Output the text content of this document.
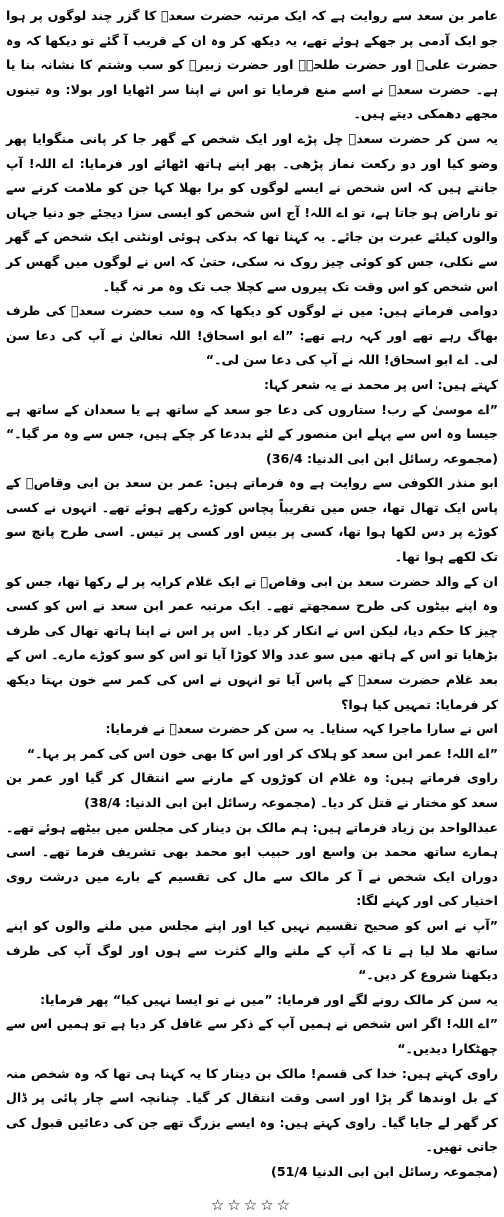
عامر بن سعد سے روایت ہے کہ ایک مرتبہ حضرت سعدؓ کا گزر چند لوگوں پر ہوا جو ایک آدمی پر جھکے ہوئے تھے، یہ دیکھ کر وہ ان کے قریب آ گئے تو دیکھا کہ وہ حضرت علیؓ اور حضرت طلحہؓ اور حضرت زبیرؓ کو سب وشتم کا نشانہ بنا یا ہے۔ حضرت سعدؓ نے اسے منع فرمایا تو اس نے اپنا سر اٹھایا اور بولا: وہ تینوں مجھے دھمکی دیتے ہیں۔

یہ سن کر حضرت سعدؓ چل پڑے اور ایک شخص کے گھر جا کر پانی منگوایا پھر وضو کیا اور دو رکعت نماز پڑھی۔ پھر اپنے ہاتھ اٹھائے اور فرمایا: اے اللہ! آپ جانتے ہیں کہ اس شخص نے ایسے لوگوں کو برا بھلا کہا جن کو ملامت کرنے سے تو ناراض ہو جاتا ہے، تو اے اللہ! آج اس شخص کو ایسی سزا دیجئے جو دنیا جہاں والوں کیلئے عبرت بن جائے۔ یہ کہنا تھا کہ بدکی ہوئی اونٹنی ایک شخص کے گھر سے نکلی، جس کو کوئی چیز روک نہ سکی، حتیٰ کہ اس نے لوگوں میں گھس کر اس شخص کو اس وقت تک پیروں سے کچلا جب تک وہ مر نہ گیا۔

دوامی فرماتے ہیں: میں نے لوگوں کو دیکھا کہ وہ سب حضرت سعدؓ کی طرف بھاگ رہے تھے اور کہہ رہے تھے: ”اے ابو اسحاق! اللہ تعالیٰ نے آپ کی دعا سن لی۔ اے ابو اسحاق! اللہ نے آپ کی دعا سن لی۔“

کہتے ہیں: اس پر محمد نے یہ شعر کہا:

”اے موسیٰ کے رب! ستاروں کی دعا جو سعد کے ساتھ ہے یا سعدان کے ساتھ ہے جیسا وہ اس سے پہلے ابن منصور کے لئے بددعا کر چکے ہیں، جس سے وہ مر گیا۔“ (مجموعہ رسائل ابن ابی الدنیا: 36/4)

ابو منذر الکوفی سے روایت ہے وہ فرماتے ہیں: عمر بن سعد بن ابی وقاصؓ کے پاس ایک تھال تھا، جس میں تقریباً پچاس کوڑے رکھے ہوئے تھے۔ انہوں نے کسی کوڑے پر دس لکھا ہوا تھا، کسی پر بیس اور کسی پر تیس۔ اسی طرح پانچ سو تک لکھے ہوا تھا۔

ان کے والد حضرت سعد بن ابی وقاصؓ نے ایک غلام کرایہ پر لے رکھا تھا، جس کو وہ اپنے بیٹوں کی طرح سمجھتے تھے۔ ایک مرتبہ عمر ابن سعد نے اس کو کسی چیز کا حکم دیا، لیکن اس نے انکار کر دیا۔ اس پر اس نے اپنا ہاتھ تھال کی طرف بڑھایا تو اس کے ہاتھ میں سو عدد والا کوڑا آیا تو اس کو سو کوڑے مارے۔ اس کے بعد غلام حضرت سعدؓ کے پاس آیا تو انہوں نے اس کی کمر سے خون بہتا دیکھ کر فرمایا: تمہیں کیا ہوا؟

اس نے سارا ماجرا کہہ سنایا۔ یہ سن کر حضرت سعدؓ نے فرمایا:

”اے اللہ! عمر ابن سعد کو ہلاک کر اور اس کا بھی خون اس کی کمر پر بہا۔“

راوی فرماتے ہیں: وہ غلام ان کوڑوں کے مارنے سے انتقال کر گیا اور عمر بن سعد کو مختار نے قتل کر دیا۔ (مجموعہ رسائل ابن ابی الدنیا: 38/4)

عبدالواحد بن زیاد فرماتے ہیں: ہم مالک بن دینار کی مجلس میں بیٹھے ہوئے تھے۔ ہمارے ساتھ محمد بن واسع اور حبیب ابو محمد بھی تشریف فرما تھے۔ اسی دوران ایک شخص نے آ کر مالک سے مال کی تقسیم کے بارے میں درشت روی اختیار کی اور کہنے لگا:

”آپ نے اس کو صحیح تقسیم نہیں کیا اور اپنے مجلس میں ملنے والوں کو اپنے ساتھ ملا لیا ہے تا کہ آپ کے ملنے والے کثرت سے ہوں اور لوگ آپ کی طرف دیکھنا شروع کر دیں۔“

یہ سن کر مالک رونے لگے اور فرمایا: ”میں نے تو ایسا نہیں کیا“ پھر فرمایا:

”اے اللہ! اگر اس شخص نے ہمیں آپ کے ذکر سے غافل کر دیا ہے تو ہمیں اس سے چھٹکارا دیدیں۔“

راوی کہتے ہیں: خدا کی قسم! مالک بن دینار کا یہ کہنا ہی تھا کہ وہ شخص منہ کے بل اوندھا گر پڑا اور اسی وقت انتقال کر گیا۔ چنانچہ اسے چار پائی پر ڈال کر گھر لے جایا گیا۔ راوی کہتے ہیں: وہ ایسے بزرگ تھے جن کی دعائیں قبول کی جاتی تھیں۔

(مجموعہ رسائل ابن ابی الدنیا 51/4)

☆☆☆☆☆
